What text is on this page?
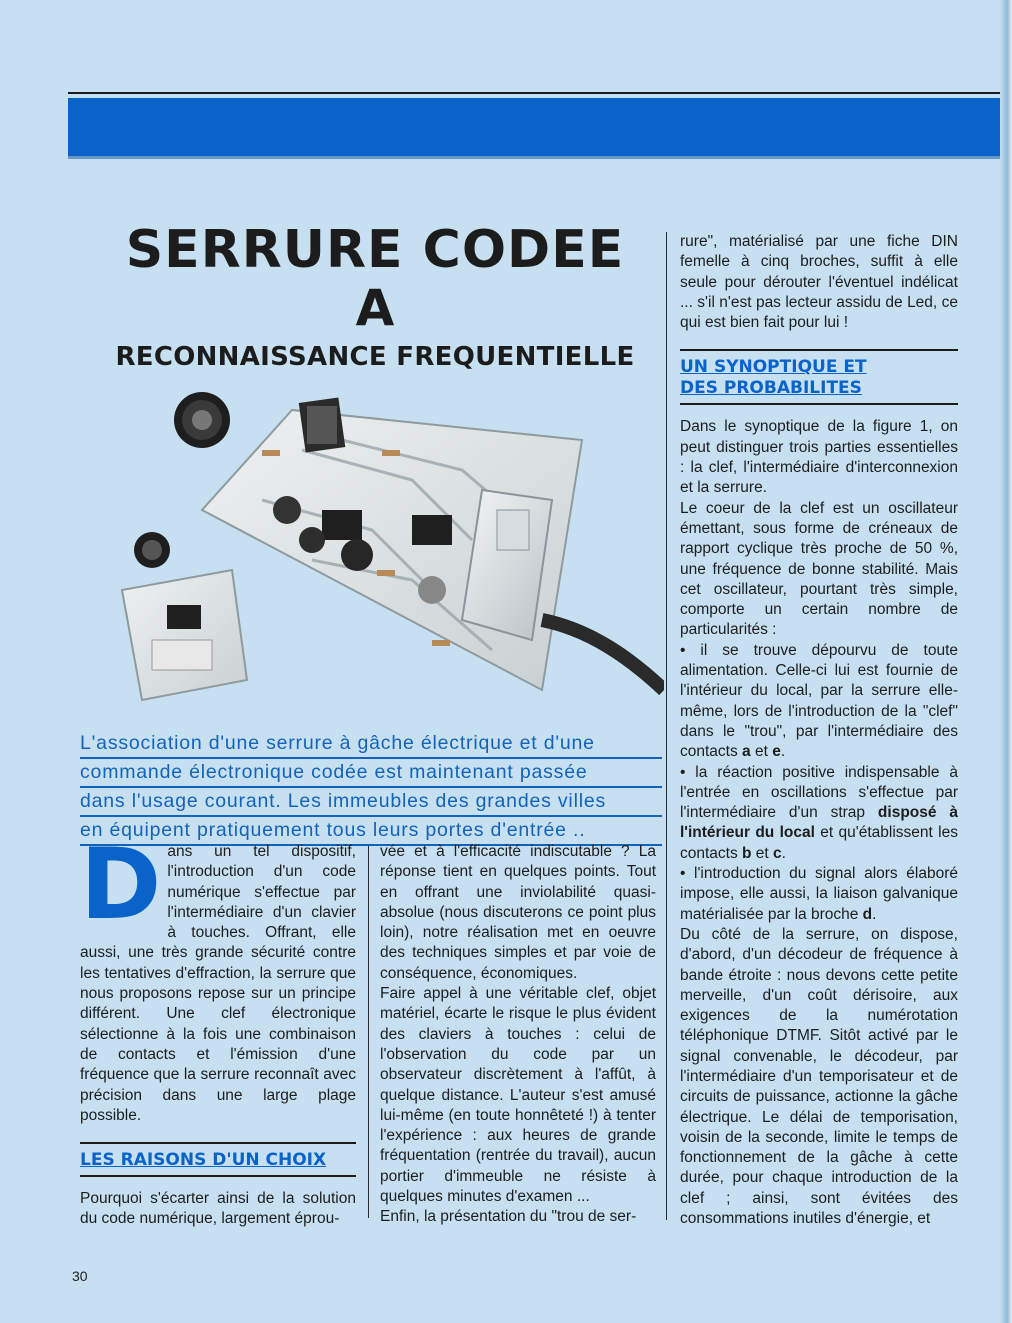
SERRURE CODEE
A
RECONNAISSANCE FREQUENTIELLE
L'association d'une serrure à gâche électrique et d'une
commande électronique codée est maintenant passée
dans l'usage courant. Les immeubles des grandes villes
en équipent pratiquement tous leurs portes d'entrée ..
D ans un tel dispositif, l'introduction d'un code numérique s'effectue par l'intermédiaire d'un clavier à touches. Offrant, elle aussi, une très grande sécurité contre les tentatives d'effraction, la serrure que nous proposons repose sur un principe différent. Une clef électronique sélectionne à la fois une combinaison de contacts et l'émission d'une fréquence que la serrure reconnaît avec précision dans une large plage possible.

LES RAISONS D'UN CHOIX

Pourquoi s'écarter ainsi de la solution du code numérique, largement éprou-

vée et à l'efficacité indiscutable ? La réponse tient en quelques points. Tout en offrant une inviolabilité quasi-absolue (nous discuterons ce point plus loin), notre réalisation met en oeuvre des techniques simples et par voie de conséquence, économiques.

Faire appel à une véritable clef, objet matériel, écarte le risque le plus évident des claviers à touches : celui de l'observation du code par un observateur discrètement à l'affût, à quelque distance. L'auteur s'est amusé lui-même (en toute honnêteté !) à tenter l'expérience : aux heures de grande fréquentation (rentrée du travail), aucun portier d'immeuble ne résiste à quelques minutes d'examen ...

Enfin, la présentation du "trou de ser-

rure", matérialisé par une fiche DIN femelle à cinq broches, suffit à elle seule pour dérouter l'éventuel indélicat ... s'il n'est pas lecteur assidu de Led, ce qui est bien fait pour lui !

UN SYNOPTIQUE ET
DES PROBABILITES

Dans le synoptique de la figure 1, on peut distinguer trois parties essentielles : la clef, l'intermédiaire d'interconnexion et la serrure.

Le coeur de la clef est un oscillateur émettant, sous forme de créneaux de rapport cyclique très proche de 50 %, une fréquence de bonne stabilité. Mais cet oscillateur, pourtant très simple, comporte un certain nombre de particularités :

• il se trouve dépourvu de toute alimentation. Celle-ci lui est fournie de l'intérieur du local, par la serrure elle-même, lors de l'introduction de la "clef" dans le "trou", par l'intermédiaire des contacts a et e.

• la réaction positive indispensable à l'entrée en oscillations s'effectue par l'intermédiaire d'un strap disposé à l'intérieur du local et qu'établissent les contacts b et c.

• l'introduction du signal alors élaboré impose, elle aussi, la liaison galvanique matérialisée par la broche d.

Du côté de la serrure, on dispose, d'abord, d'un décodeur de fréquence à bande étroite : nous devons cette petite merveille, d'un coût dérisoire, aux exigences de la numérotation téléphonique DTMF. Sitôt activé par le signal convenable, le décodeur, par l'intermédiaire d'un temporisateur et de circuits de puissance, actionne la gâche électrique. Le délai de temporisation, voisin de la seconde, limite le temps de fonctionnement de la gâche à cette durée, pour chaque introduction de la clef ; ainsi, sont évitées des consommations inutiles d'énergie, et

30
